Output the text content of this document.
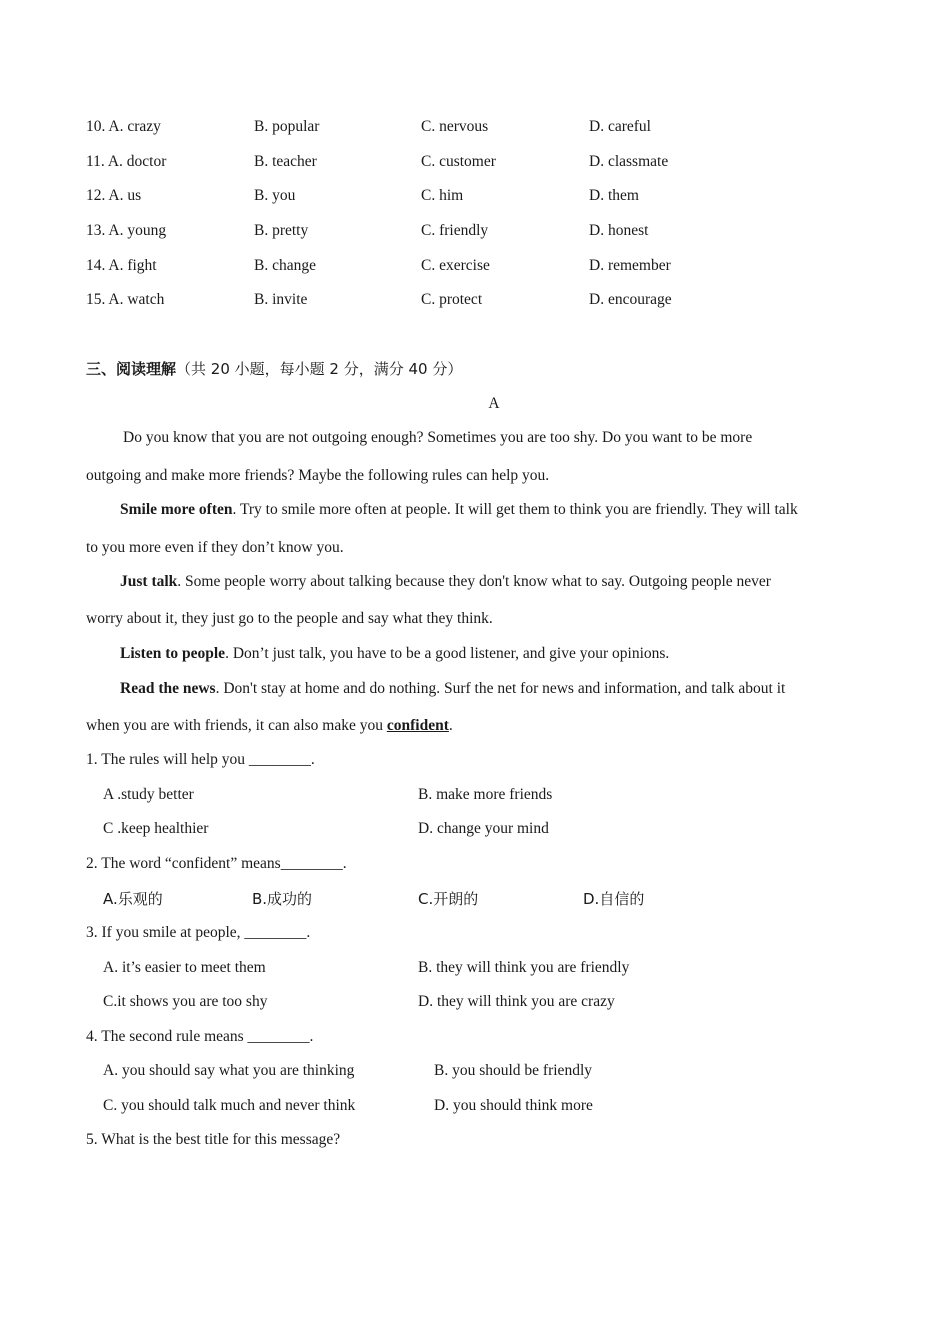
10. A. crazy	B. popular	C. nervous	D. careful
11. A. doctor	B. teacher	C. customer	D. classmate
12. A. us	B. you	C. him	D. them
13. A. young	B. pretty	C. friendly	D. honest
14. A. fight	B. change	C. exercise	D. remember
15. A. watch	B. invite	C. protect	D. encourage
三、阅读理解（共 20 小题，每小题 2 分，满分 40 分）
A
Do you know that you are not outgoing enough? Sometimes you are too shy. Do you want to be more
outgoing and make more friends? Maybe the following rules can help you.
Smile more often. Try to smile more often at people. It will get them to think you are friendly. They will talk
to you more even if they don’t know you.
Just talk. Some people worry about talking because they don't know what to say. Outgoing people never
worry about it, they just go to the people and say what they think.
Listen to people. Don’t just talk, you have to be a good listener, and give your opinions.
Read the news. Don't stay at home and do nothing. Surf the net for news and information, and talk about it
when you are with friends, it can also make you confident.
1. The rules will help you ________.
A .study better	B. make more friends
C .keep healthier	D. change your mind
2. The word “confident” means________.
A.乐观的	B.成功的	C.开朗的	D.自信的
3. If you smile at people, ________.
A. it’s easier to meet them	B. they will think you are friendly
C.it shows you are too shy	D. they will think you are crazy
4. The second rule means ________.
A. you should say what you are thinking	B. you should be friendly
C. you should talk much and never think	D. you should think more
5. What is the best title for this message?
